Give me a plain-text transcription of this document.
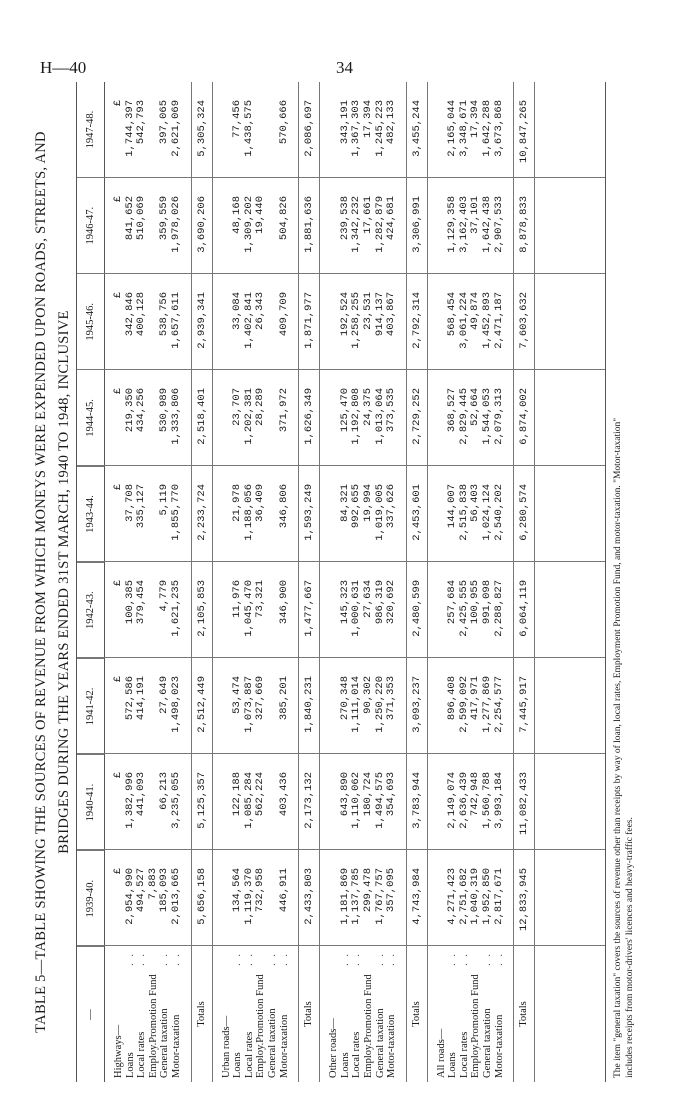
H—40	34
TABLE 5—TABLE SHOWING THE SOURCES OF REVENUE FROM WHICH MONEYS WERE EXPENDED UPON ROADS, STREETS, AND BRIDGES DURING THE YEARS ENDED 31ST MARCH, 1940 TO 1948, INCLUSIVE
—
1939-40.
1940-41.
1941-42.
1942-43.
1943-44.
1944-45.
1945-46.
1946-47.
1947-48.
Highways—
£
£
£
£
£
£
£
£
£
Loans
. .
2,954,990
1,382,996
572,586
100,385
37,708
219,350
342,846
841,652
1,744,397
Local rates
. .
494,527
441,093
414,191
379,454
335,127
434,256
400,128
510,069
542,793
Employ.Promotion Fund
7,883
General taxation
. .
185,093
66,213
27,649
4,779
5,119
530,989
538,756
359,559
397,065
Motor-taxation
. .
2,013,665
3,235,055
1,498,023
1,621,235
1,855,770
1,333,806
1,657,611
1,978,026
2,621,069
Totals
5,656,158
5,125,357
2,512,449
2,105,853
2,233,724
2,518,401
2,939,341
3,690,206
5,305,324
Urban roads— Loans
. .
134,564
122,188
53,474
11,976
21,978
23,707
33,084
48,168
77,456
Local rates
. .
1,119,370
1,085,284
1,073,887
1,045,470
1,188,056
1,202,381
1,402,841
1,309,202
1,438,575
Employ.Promotion Fund
732,958
562,224
327,669
73,321
36,409
28,289
26,343
19,440
General taxation
. .
Motor-taxation
. .
446,911
403,436
385,201
346,900
346,806
371,972
409,709
504,826
570,666
Totals
2,433,803
2,173,132
1,840,231
1,477,667
1,593,249
1,626,349
1,871,977
1,881,636
2,086,697
Other roads— Loans
. .
1,181,869
643,890
270,348
145,323
84,321
125,470
192,524
239,538
343,191
Local rates
. .
1,137,785
1,110,062
1,111,014
1,000,631
992,655
1,192,808
1,258,255
1,342,232
1,367,303
Employ.Promotion Fund
299,478
180,724
90,302
27,634
19,994
24,375
23,531
17,661
17,394
General taxation
. .
1,767,757
1,494,575
1,250,220
986,319
1,019,005
1,013,064
914,137
1,282,879
1,245,223
Motor-taxation
. .
357,095
354,693
371,353
320,692
337,626
373,535
403,867
424,681
482,133
Totals
4,743,984
3,783,944
3,093,237
2,480,599
2,453,601
2,729,252
2,792,314
3,306,991
3,455,244
All roads— Loans
. .
4,271,423
2,149,074
896,408
257,684
144,007
368,527
568,454
1,129,358
2,165,044
Local rates
. .
2,751,682
2,636,439
2,599,092
2,425,555
2,515,838
2,829,445
3,061,224
3,162,403
3,348,671
Employ.Promotion Fund
1,040,319
742,948
417,971
100,955
56,403
52,664
49,874
37,101
17,394
General taxation
. .
1,952,850
1,560,788
1,277,869
991,098
1,024,124
1,544,053
1,452,893
1,642,438
1,642,288
Motor-taxation
. .
2,817,671
3,993,184
2,254,577
2,288,827
2,540,202
2,079,313
2,471,187
2,907,533
3,673,868
Totals
12,833,945
11,082,433
7,445,917
6,064,119
6,280,574
6,874,002
7,603,632
8,878,833
10,847,265
The item "general taxation" covers the sources of revenue other than receipts by way of loan, local rates, Employment Promotion Fund, and motor-taxation. "Motor-taxation" includes receipts from motor-drivers' licences and heavy-traffic fees.
